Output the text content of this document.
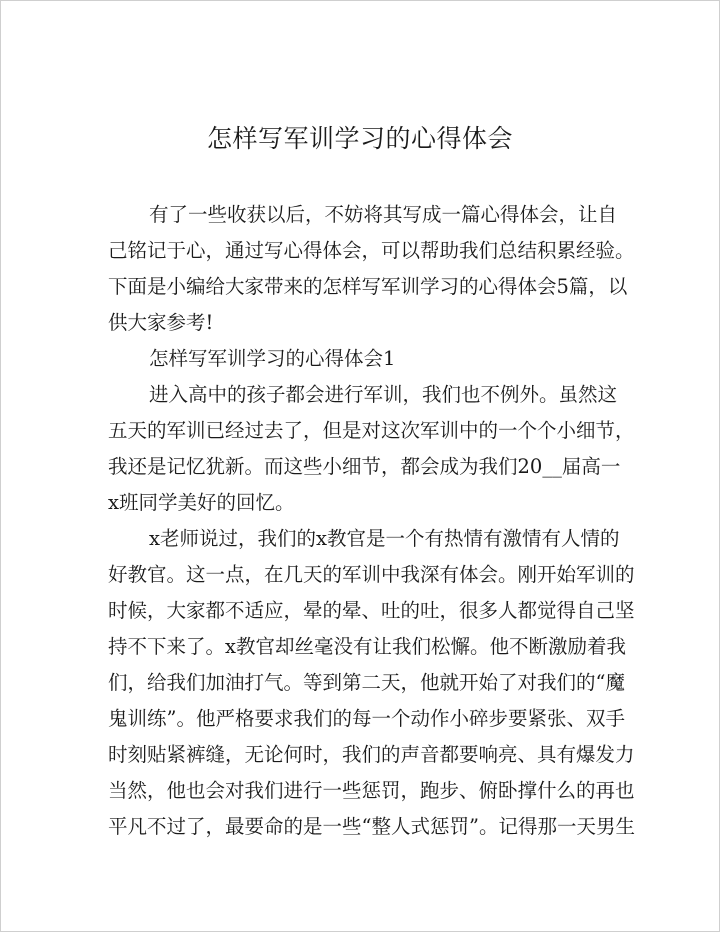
怎样写军训学习的心得体会
有了一些收获以后，不妨将其写成一篇心得体会，让自
己铭记于心，通过写心得体会，可以帮助我们总结积累经验。
下面是小编给大家带来的怎样写军训学习的心得体会5篇，以
供大家参考!
怎样写军训学习的心得体会1
进入高中的孩子都会进行军训，我们也不例外。虽然这
五天的军训已经过去了，但是对这次军训中的一个个小细节，
我还是记忆犹新。而这些小细节，都会成为我们20__届高一
x班同学美好的回忆。
x老师说过，我们的x教官是一个有热情有激情有人情的
好教官。这一点，在几天的军训中我深有体会。刚开始军训的
时候，大家都不适应，晕的晕、吐的吐，很多人都觉得自己坚
持不下来了。x教官却丝毫没有让我们松懈。他不断激励着我
们，给我们加油打气。等到第二天，他就开始了对我们的“魔
鬼训练”。他严格要求我们的每一个动作小碎步要紧张、双手
时刻贴紧裤缝，无论何时，我们的声音都要响亮、具有爆发力
当然，他也会对我们进行一些惩罚，跑步、俯卧撑什么的再也
平凡不过了，最要命的是一些“整人式惩罚”。记得那一天男生
